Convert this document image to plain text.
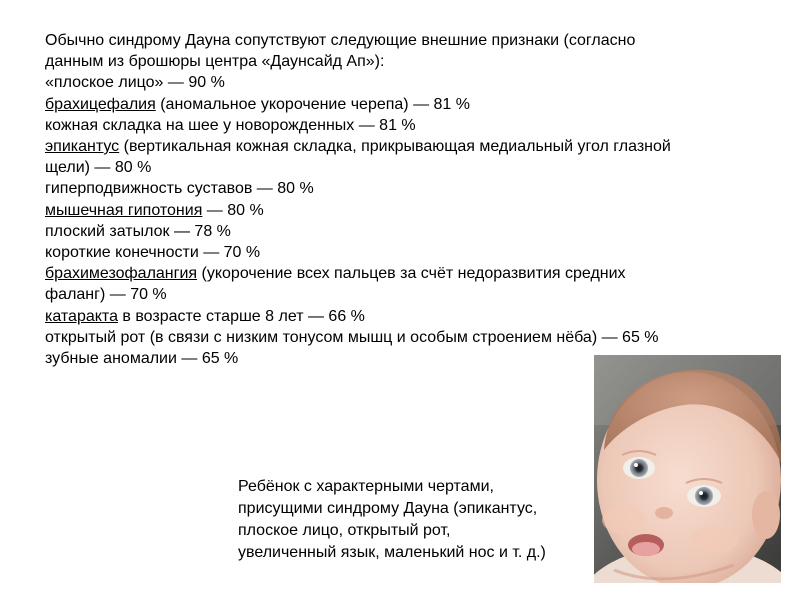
Обычно синдрому Дауна сопутствуют следующие внешние признаки (согласно
данным из брошюры центра «Даунсайд Ап»):
«плоское лицо» — 90 %
брахицефалия (аномальное укорочение черепа) — 81 %
кожная складка на шее у новорожденных — 81 %
эпикантус (вертикальная кожная складка, прикрывающая медиальный угол глазной
щели) — 80 %
гиперподвижность суставов — 80 %
мышечная гипотония — 80 %
плоский затылок — 78 %
короткие конечности — 70 %
брахимезофалангия (укорочение всех пальцев за счёт недоразвития средних
фаланг) — 70 %
катаракта в возрасте старше 8 лет — 66 %
открытый рот (в связи с низким тонусом мышц и особым строением нёба) — 65 %
зубные аномалии — 65 %
Ребёнок с характерными чертами,
присущими синдрому Дауна (эпикантус,
плоское лицо, открытый рот,
увеличенный язык, маленький нос и т. д.)
